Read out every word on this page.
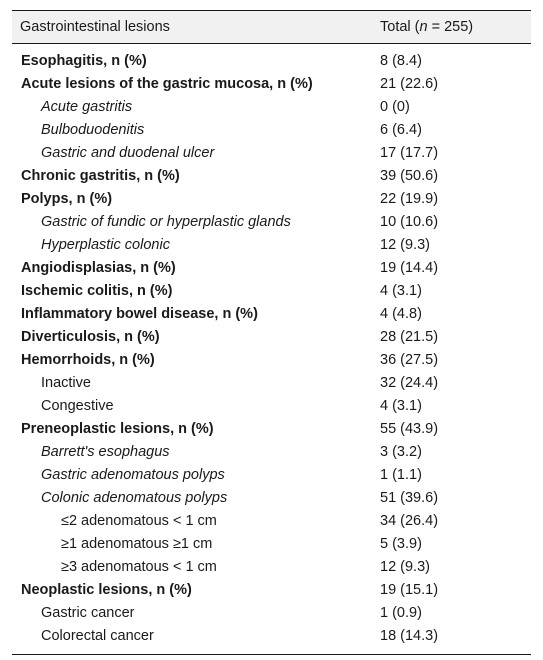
Gastrointestinal lesions	Total (n = 255)
Esophagitis, n (%)	8 (8.4)
Acute lesions of the gastric mucosa, n (%)	21 (22.6)
Acute gastritis	0 (0)
Bulboduodenitis	6 (6.4)
Gastric and duodenal ulcer	17 (17.7)
Chronic gastritis, n (%)	39 (50.6)
Polyps, n (%)	22 (19.9)
Gastric of fundic or hyperplastic glands	10 (10.6)
Hyperplastic colonic	12 (9.3)
Angiodisplasias, n (%)	19 (14.4)
Ischemic colitis, n (%)	4 (3.1)
Inflammatory bowel disease, n (%)	4 (4.8)
Diverticulosis, n (%)	28 (21.5)
Hemorrhoids, n (%)	36 (27.5)
Inactive	32 (24.4)
Congestive	4 (3.1)
Preneoplastic lesions, n (%)	55 (43.9)
Barrett's esophagus	3 (3.2)
Gastric adenomatous polyps	1 (1.1)
Colonic adenomatous polyps	51 (39.6)
≤2 adenomatous < 1 cm	34 (26.4)
≥1 adenomatous ≥1 cm	5 (3.9)
≥3 adenomatous < 1 cm	12 (9.3)
Neoplastic lesions, n (%)	19 (15.1)
Gastric cancer	1 (0.9)
Colorectal cancer	18 (14.3)
